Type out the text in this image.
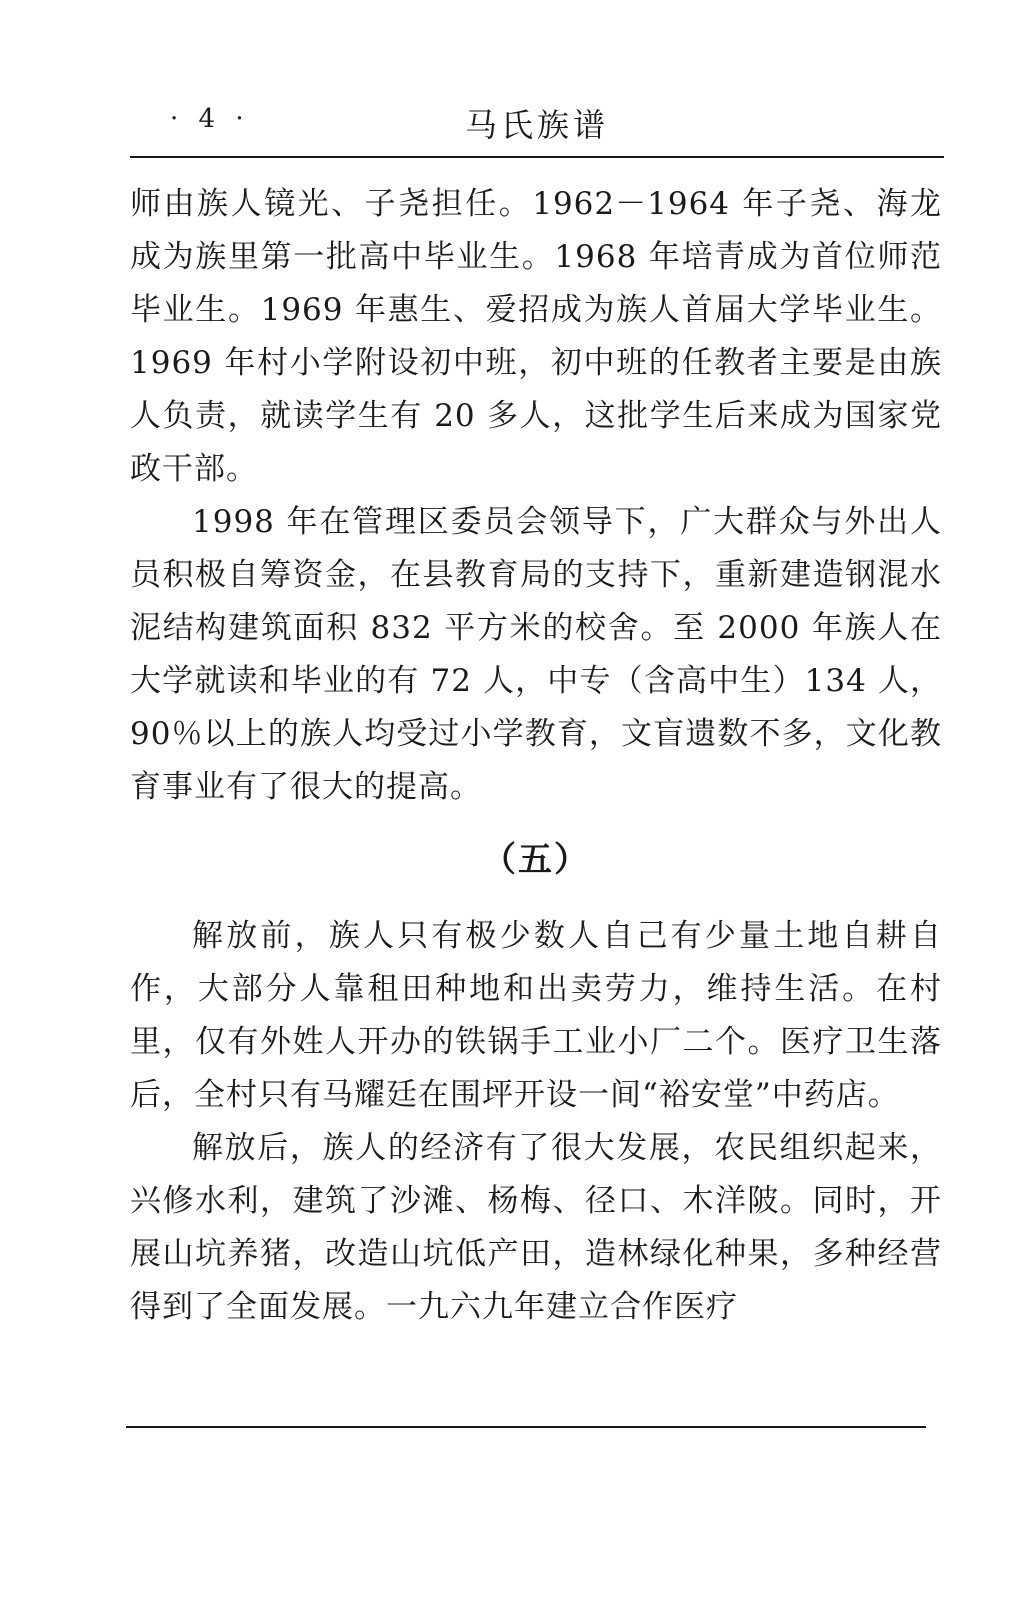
· 4 ·	马氏族谱

师由族人镜光、子尧担任。1962－1964 年子尧、海龙成为族里第一批高中毕业生。1968 年培青成为首位师范毕业生。1969 年惠生、爱招成为族人首届大学毕业生。1969 年村小学附设初中班，初中班的任教者主要是由族人负责，就读学生有 20 多人，这批学生后来成为国家党政干部。

1998 年在管理区委员会领导下，广大群众与外出人员积极自筹资金，在县教育局的支持下，重新建造钢混水泥结构建筑面积 832 平方米的校舍。至 2000 年族人在大学就读和毕业的有 72 人，中专（含高中生）134 人，90％以上的族人均受过小学教育，文盲遗数不多，文化教育事业有了很大的提高。

（五）

解放前，族人只有极少数人自己有少量土地自耕自作，大部分人靠租田种地和出卖劳力，维持生活。在村里，仅有外姓人开办的铁锅手工业小厂二个。医疗卫生落后，全村只有马耀廷在围坪开设一间“裕安堂”中药店。

解放后，族人的经济有了很大发展，农民组织起来，兴修水利，建筑了沙滩、杨梅、径口、木洋陂。同时，开展山坑养猪，改造山坑低产田，造林绿化种果，多种经营得到了全面发展。一九六九年建立合作医疗
